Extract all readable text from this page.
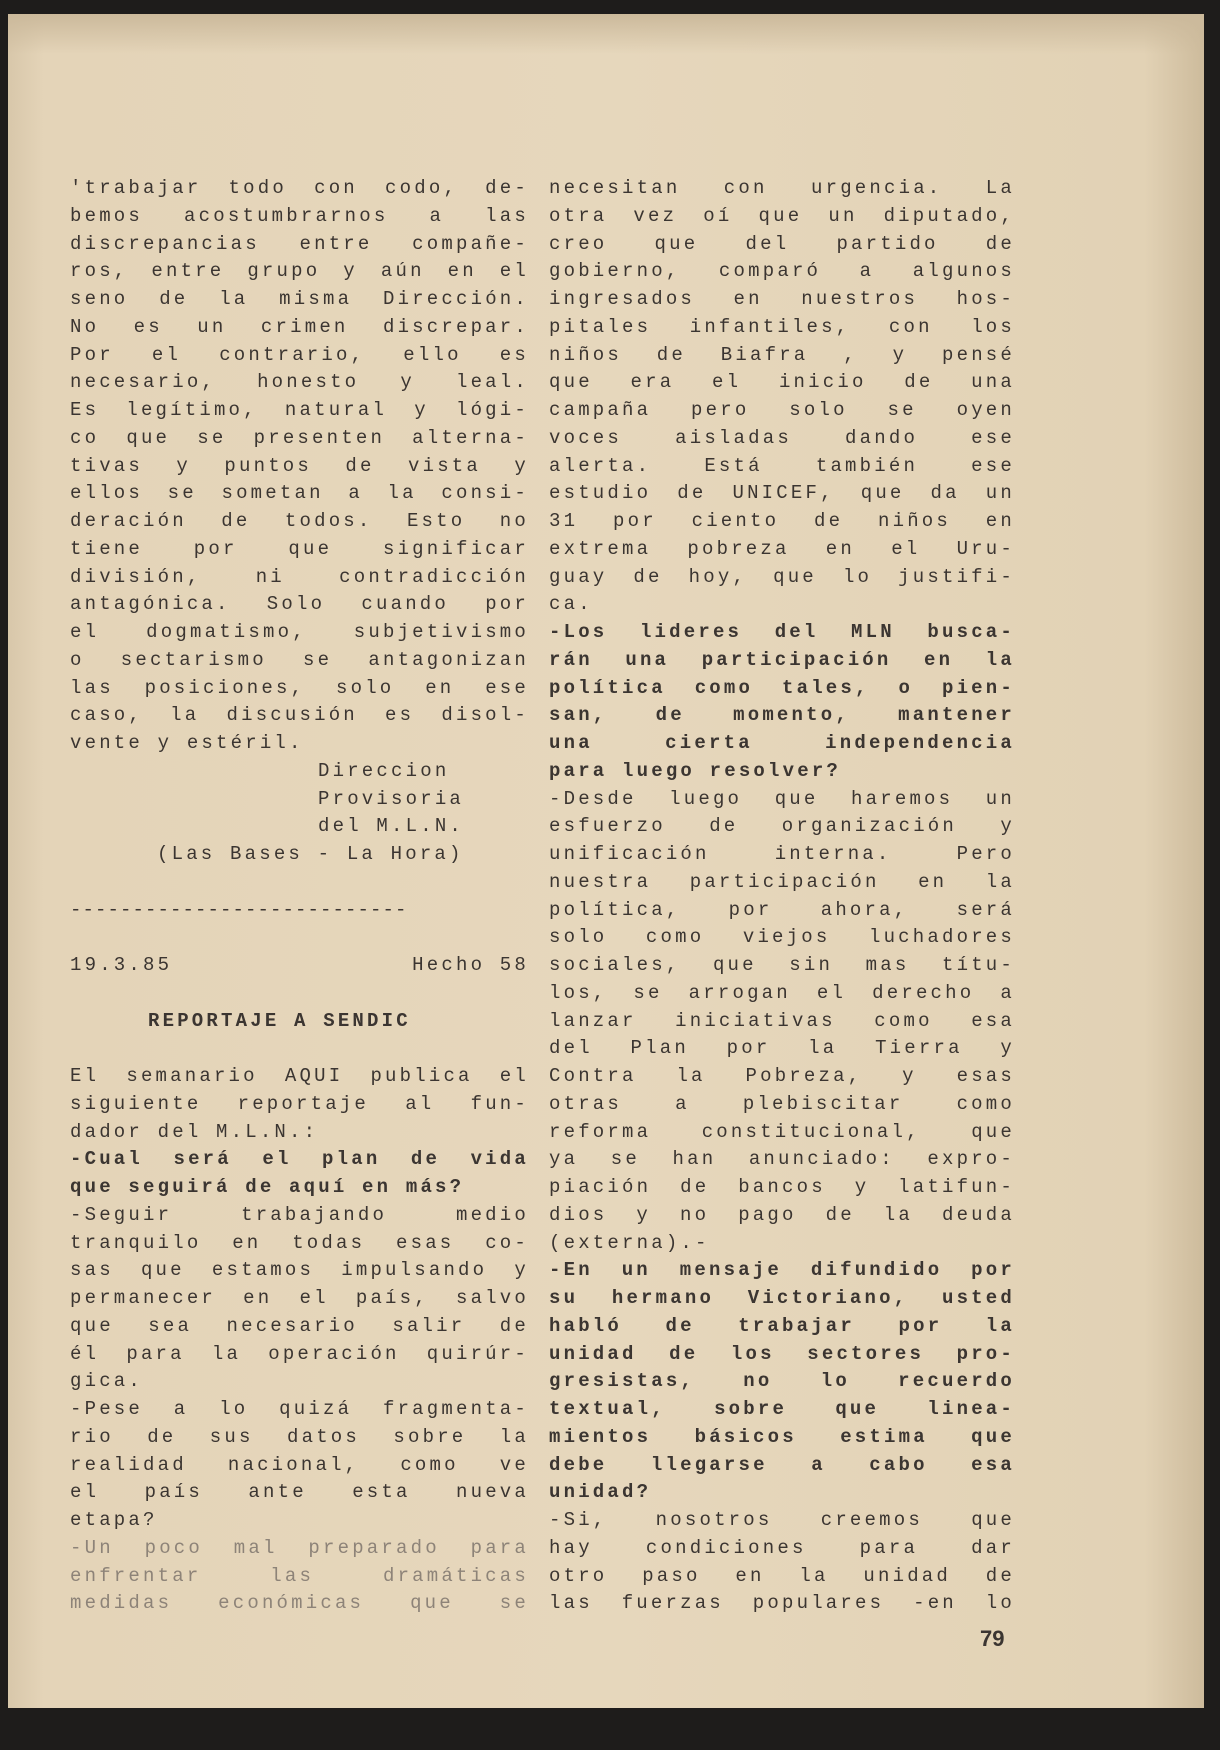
'trabajar todo con codo, de-
bemos acostumbrarnos a las
discrepancias entre compañe-
ros, entre grupo y aún en el
seno de la misma Dirección.
No es un crimen discrepar.
Por el contrario, ello es
necesario, honesto y leal.
Es legítimo, natural y lógi-
co que se presenten alterna-
tivas y puntos de vista y
ellos se sometan a la consi-
deración de todos. Esto no
tiene por que significar
división, ni contradicción
antagónica. Solo cuando por
el dogmatismo, subjetivismo
o sectarismo se antagonizan
las posiciones, solo en ese
caso, la discusión es disol-
vente y estéril.
Direccion
Provisoria
del M.L.N.
(Las Bases - La Hora)
---------------------------
19.3.85	Hecho 58
REPORTAJE A SENDIC
El semanario AQUI publica el
siguiente reportaje al fun-
dador del M.L.N.:
-Cual será el plan de vida
que seguirá de aquí en más?
-Seguir trabajando medio
tranquilo en todas esas co-
sas que estamos impulsando y
permanecer en el país, salvo
que sea necesario salir de
él para la operación quirúr-
gica.
-Pese a lo quizá fragmenta-
rio de sus datos sobre la
realidad nacional, como ve
el país ante esta nueva
etapa?
-Un poco mal preparado para
enfrentar las dramáticas
medidas económicas que se
necesitan con urgencia. La
otra vez oí que un diputado,
creo que del partido de
gobierno, comparó a algunos
ingresados en nuestros hos-
pitales infantiles, con los
niños de Biafra , y pensé
que era el inicio de una
campaña pero solo se oyen
voces aisladas dando ese
alerta. Está también ese
estudio de UNICEF, que da un
31 por ciento de niños en
extrema pobreza en el Uru-
guay de hoy, que lo justifi-
ca.
-Los lideres del MLN busca-
rán una participación en la
política como tales, o pien-
san, de momento, mantener
una cierta independencia
para luego resolver?
-Desde luego que haremos un
esfuerzo de organización y
unificación interna. Pero
nuestra participación en la
política, por ahora, será
solo como viejos luchadores
sociales, que sin mas títu-
los, se arrogan el derecho a
lanzar iniciativas como esa
del Plan por la Tierra y
Contra la Pobreza, y esas
otras a plebiscitar como
reforma constitucional, que
ya se han anunciado: expro-
piación de bancos y latifun-
dios y no pago de la deuda
(externa).-
-En un mensaje difundido por
su hermano Victoriano, usted
habló de trabajar por la
unidad de los sectores pro-
gresistas, no lo recuerdo
textual, sobre que linea-
mientos básicos estima que
debe llegarse a cabo esa
unidad?
-Si, nosotros creemos que
hay condiciones para dar
otro paso en la unidad de
las fuerzas populares -en lo
79
